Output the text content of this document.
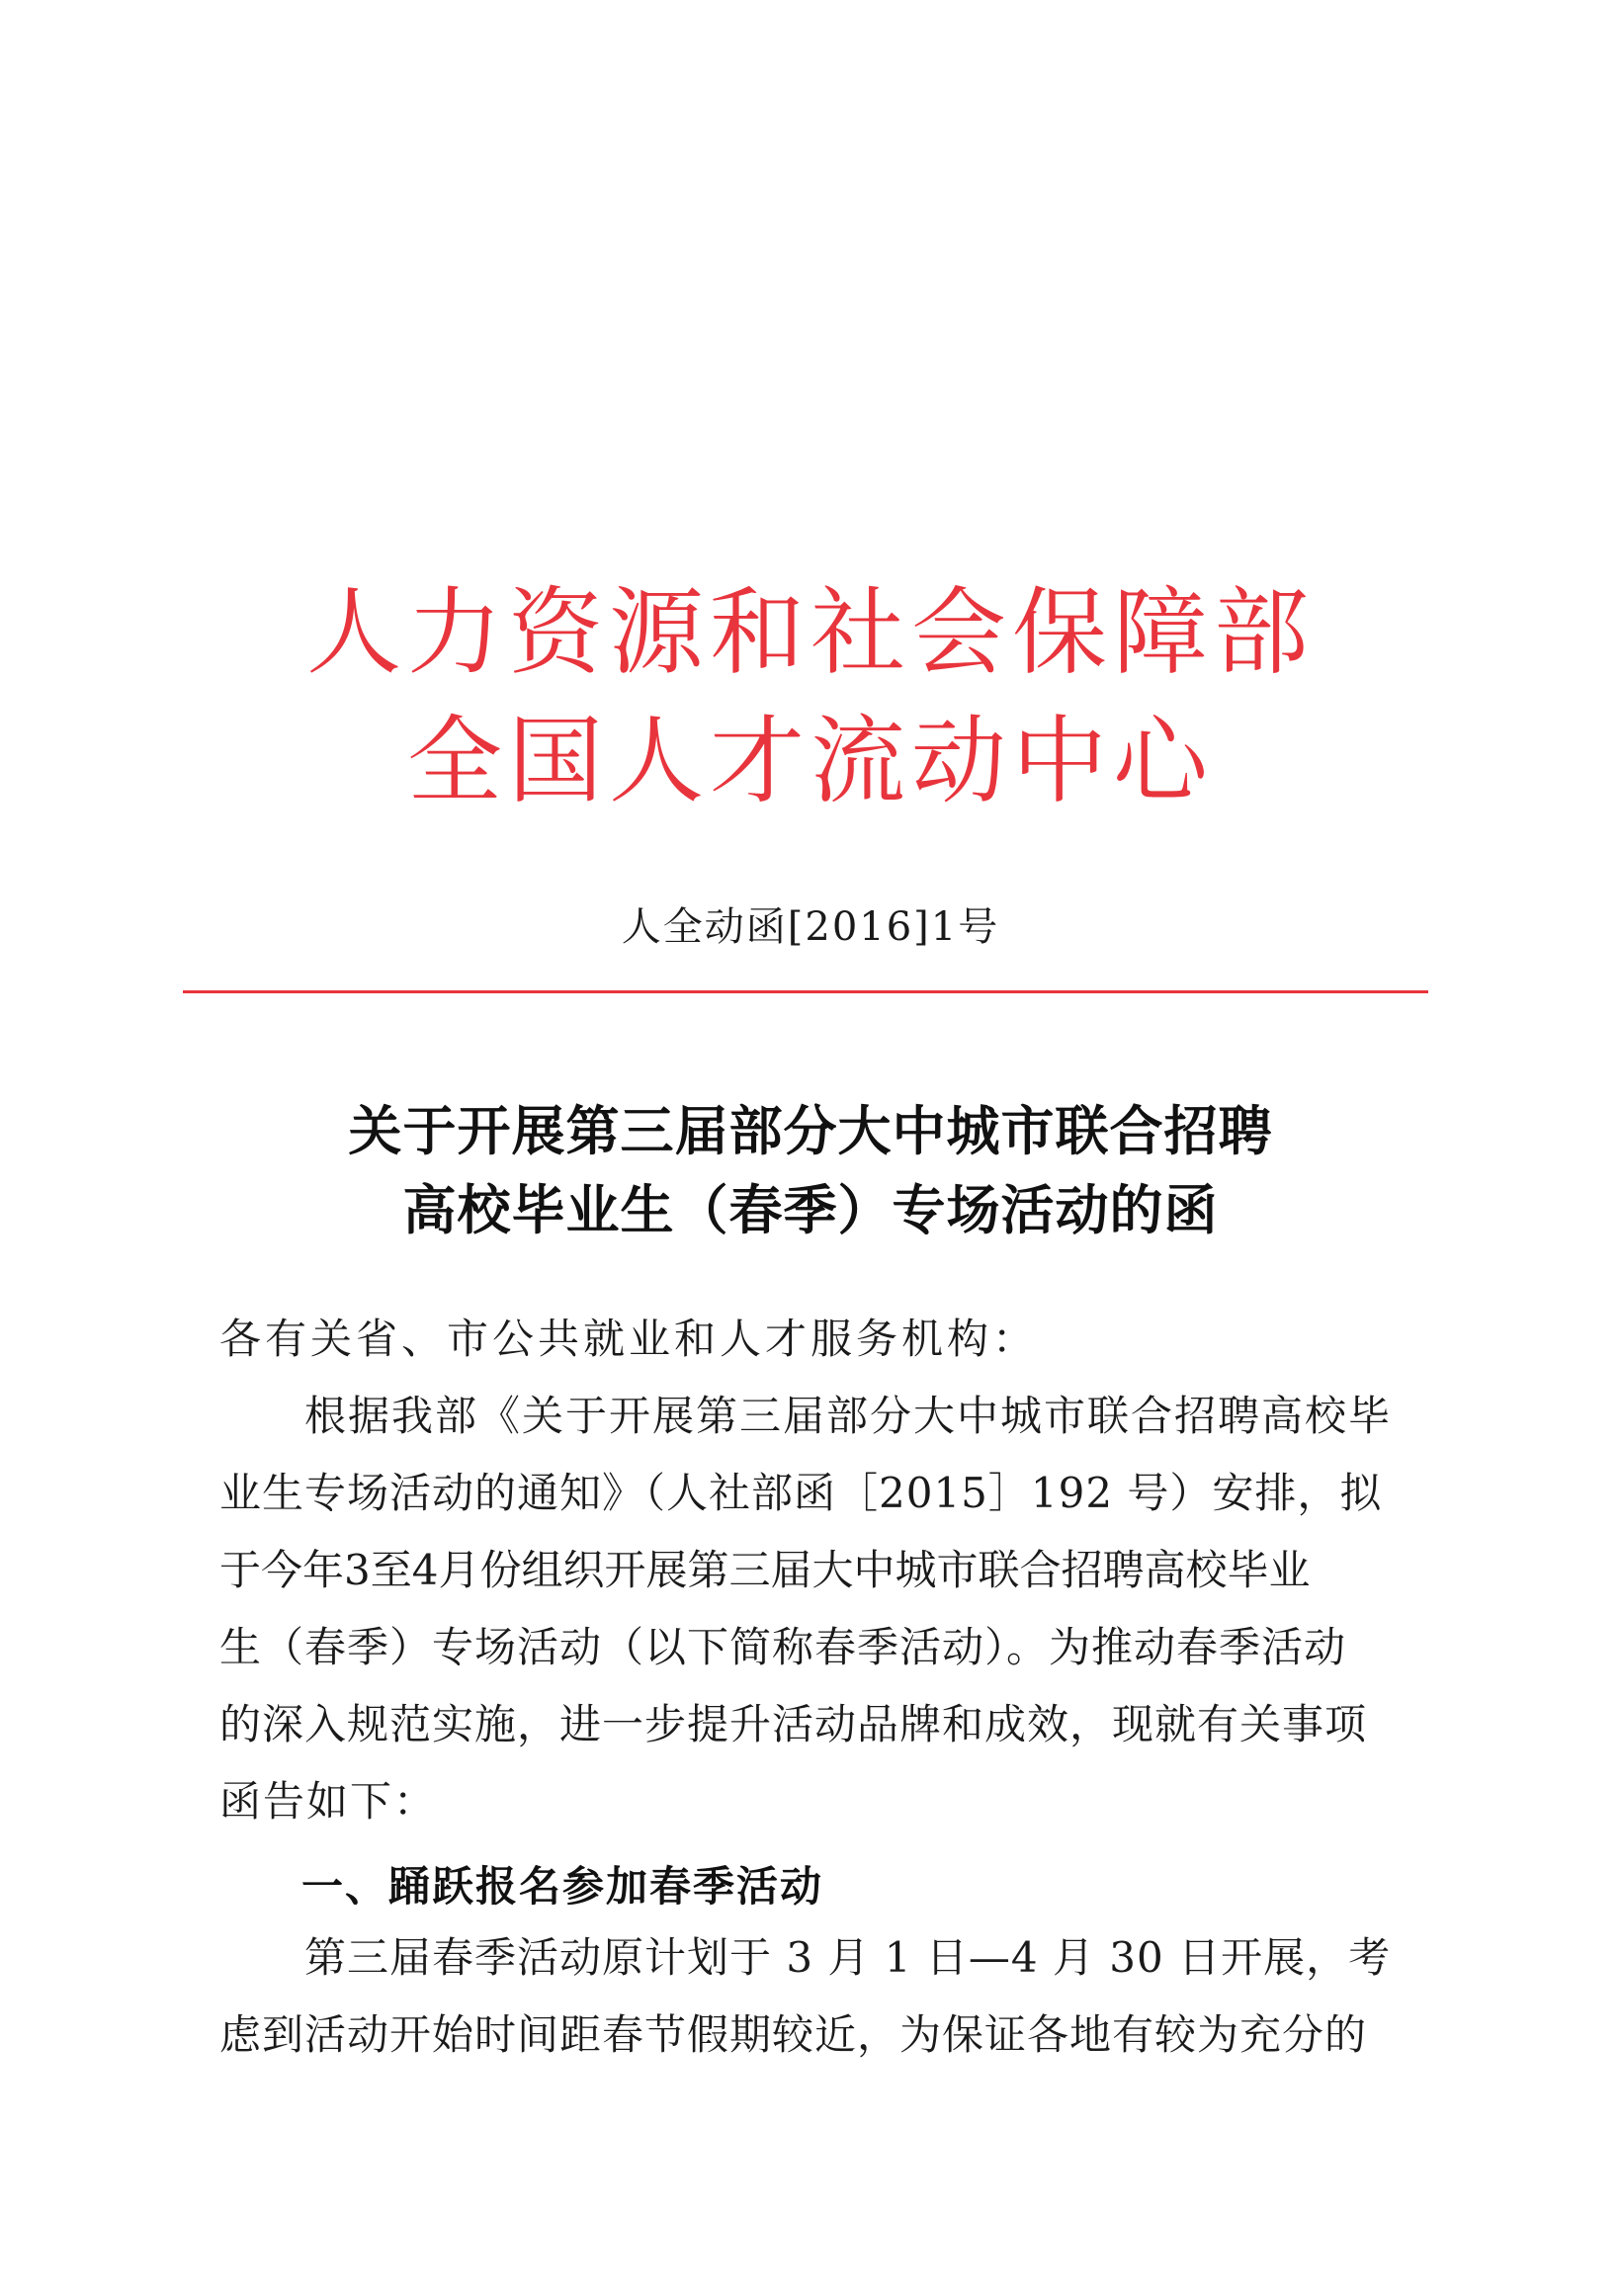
人力资源和社会保障部
全国人才流动中心
人全动函[2016]1号
关于开展第三届部分大中城市联合招聘
高校毕业生（春季）专场活动的函
各有关省、市公共就业和人才服务机构：
根据我部《关于开展第三届部分大中城市联合招聘高校毕
业生专场活动的通知》（人社部函［2015］192 号）安排，拟
于今年3至4月份组织开展第三届大中城市联合招聘高校毕业
生（春季）专场活动（以下简称春季活动）。为推动春季活动
的深入规范实施，进一步提升活动品牌和成效，现就有关事项
函告如下：
一、踊跃报名参加春季活动
第三届春季活动原计划于 3 月 1 日—4 月 30 日开展，考
虑到活动开始时间距春节假期较近，为保证各地有较为充分的
